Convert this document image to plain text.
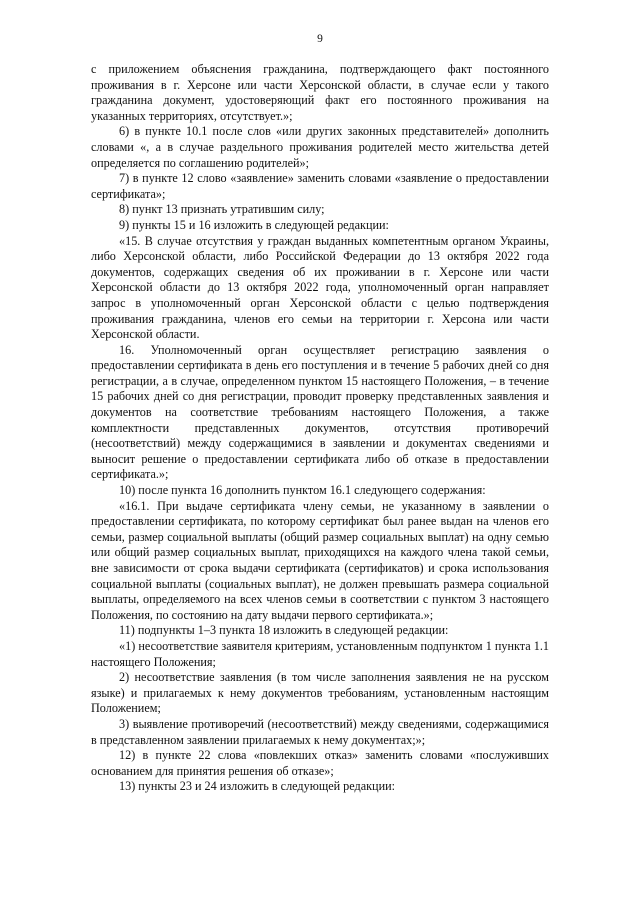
9

с приложением объяснения гражданина, подтверждающего факт постоянного проживания в г. Херсоне или части Херсонской области, в случае если у такого гражданина документ, удостоверяющий факт его постоянного проживания на указанных территориях, отсутствует.»;

6) в пункте 10.1 после слов «или других законных представителей» дополнить словами «, а в случае раздельного проживания родителей место жительства детей определяется по соглашению родителей»;

7) в пункте 12 слово «заявление» заменить словами «заявление о предоставлении сертификата»;

8) пункт 13 признать утратившим силу;

9) пункты 15 и 16 изложить в следующей редакции:

«15. В случае отсутствия у граждан выданных компетентным органом Украины, либо Херсонской области, либо Российской Федерации до 13 октября 2022 года документов, содержащих сведения об их проживании в г. Херсоне или части Херсонской области до 13 октября 2022 года, уполномоченный орган направляет запрос в уполномоченный орган Херсонской области с целью подтверждения проживания гражданина, членов его семьи на территории г. Херсона или части Херсонской области.

16. Уполномоченный орган осуществляет регистрацию заявления о предоставлении сертификата в день его поступления и в течение 5 рабочих дней со дня регистрации, а в случае, определенном пунктом 15 настоящего Положения, – в течение 15 рабочих дней со дня регистрации, проводит проверку представленных заявления и документов на соответствие требованиям настоящего Положения, а также комплектности представленных документов, отсутствия противоречий (несоответствий) между содержащимися в заявлении и документах сведениями и выносит решение о предоставлении сертификата либо об отказе в предоставлении сертификата.»;

10) после пункта 16 дополнить пунктом 16.1 следующего содержания:

«16.1. При выдаче сертификата члену семьи, не указанному в заявлении о предоставлении сертификата, по которому сертификат был ранее выдан на членов его семьи, размер социальной выплаты (общий размер социальных выплат) на одну семью или общий размер социальных выплат, приходящихся на каждого члена такой семьи, вне зависимости от срока выдачи сертификата (сертификатов) и срока использования социальной выплаты (социальных выплат), не должен превышать размера социальной выплаты, определяемого на всех членов семьи в соответствии с пунктом 3 настоящего Положения, по состоянию на дату выдачи первого сертификата.»;

11) подпункты 1–3 пункта 18 изложить в следующей редакции:

«1) несоответствие заявителя критериям, установленным подпунктом 1 пункта 1.1 настоящего Положения;

2) несоответствие заявления (в том числе заполнения заявления не на русском языке) и прилагаемых к нему документов требованиям, установленным настоящим Положением;

3) выявление противоречий (несоответствий) между сведениями, содержащимися в представленном заявлении прилагаемых к нему документах;»;

12) в пункте 22 слова «повлекших отказ» заменить словами «послуживших основанием для принятия решения об отказе»;

13) пункты 23 и 24 изложить в следующей редакции:
